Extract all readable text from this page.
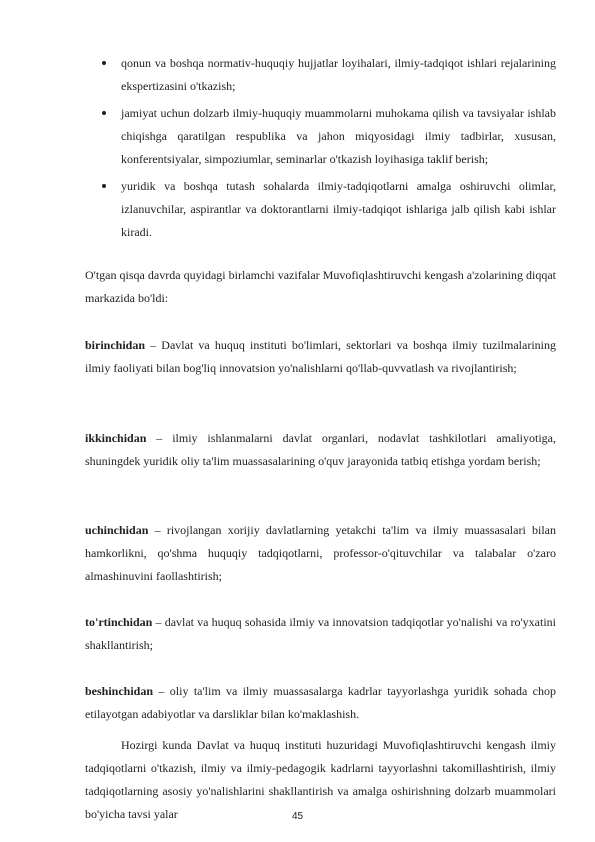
qonun va boshqa normativ-huquqiy hujjatlar loyihalari, ilmiy-tadqiqot ishlari rejalarining ekspertizasini o'tkazish;

jamiyat uchun dolzarb ilmiy-huquqiy muammolarni muhokama qilish va tavsiyalar ishlab chiqishga qaratilgan respublika va jahon miqyosidagi ilmiy tadbirlar, xususan, konferentsiyalar, simpoziumlar, seminarlar o'tkazish loyihasiga taklif berish;

yuridik va boshqa tutash sohalarda ilmiy-tadqiqotlarni amalga oshiruvchi olimlar, izlanuvchilar, aspirantlar va doktorantlarni ilmiy-tadqiqot ishlariga jalb qilish kabi ishlar kiradi.

O'tgan qisqa davrda quyidagi birlamchi vazifalar Muvofiqlashtiruvchi kengash a'zolarining diqqat markazida bo'ldi:

birinchidan – Davlat va huquq instituti bo'limlari, sektorlari va boshqa ilmiy tuzilmalarining ilmiy faoliyati bilan bog'liq innovatsion yo'nalishlarni qo'llab-quvvatlash va rivojlantirish;

ikkinchidan – ilmiy ishlanmalarni davlat organlari, nodavlat tashkilotlari amaliyotiga, shuningdek yuridik oliy ta'lim muassasalarining o'quv jarayonida tatbiq etishga yordam berish;

uchinchidan – rivojlangan xorijiy davlatlarning yetakchi ta'lim va ilmiy muassasalari bilan hamkorlikni, qo'shma huquqiy tadqiqotlarni, professor-o'qituvchilar va talabalar o'zaro almashinuvini faollashtirish;

to'rtinchidan – davlat va huquq sohasida ilmiy va innovatsion tadqiqotlar yo'nalishi va ro'yxatini shakllantirish;

beshinchidan – oliy ta'lim va ilmiy muassasalarga kadrlar tayyorlashga yuridik sohada chop etilayotgan adabiyotlar va darsliklar bilan ko'maklashish.

Hozirgi kunda Davlat va huquq instituti huzuridagi Muvofiqlashtiruvchi kengash ilmiy tadqiqotlarni o'tkazish, ilmiy va ilmiy-pedagogik kadrlarni tayyorlashni takomillashtirish, ilmiy tadqiqotlarning asosiy yo'nalishlarini shakllantirish va amalga oshirishning dolzarb muammolari bo'yicha tavsi yalar	45
